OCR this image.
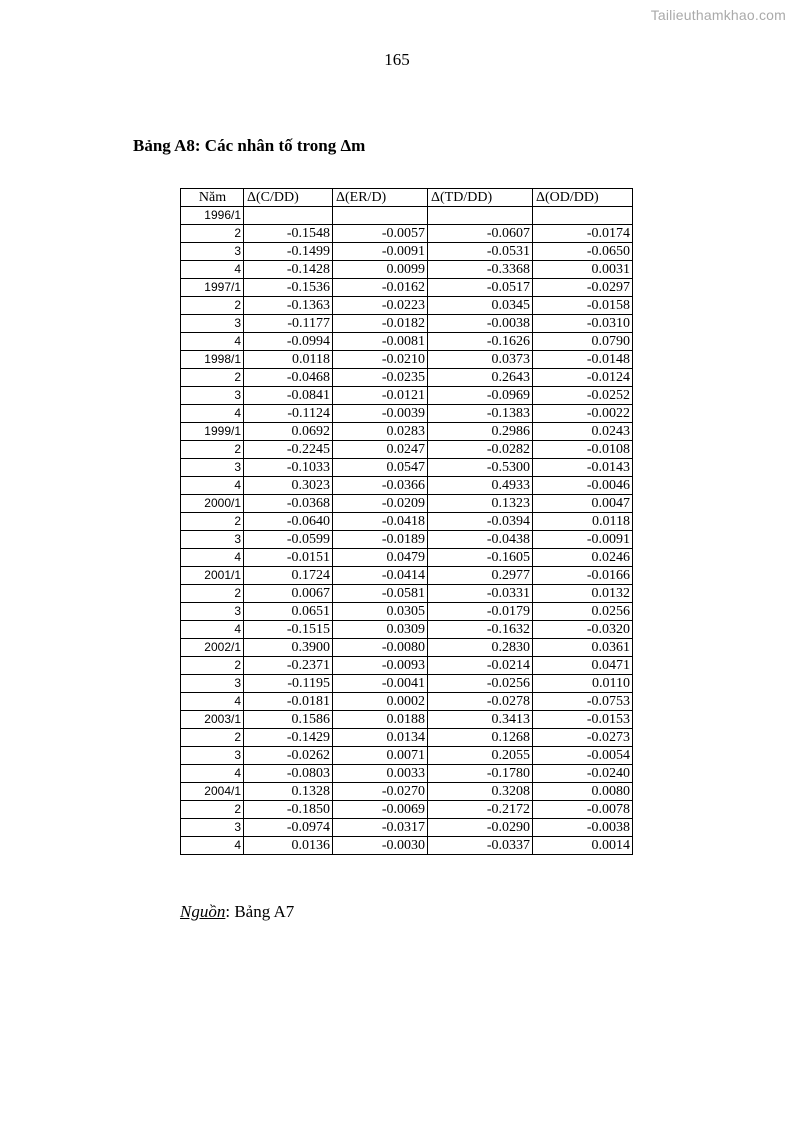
Tailieuthamkhao.com
165
Bảng A8: Các nhân tố trong Δm
Năm	Δ(C/DD)	Δ(ER/D)	Δ(TD/DD)	Δ(OD/DD)
1996/1				
2	-0.1548	-0.0057	-0.0607	-0.0174
3	-0.1499	-0.0091	-0.0531	-0.0650
4	-0.1428	0.0099	-0.3368	0.0031
1997/1	-0.1536	-0.0162	-0.0517	-0.0297
2	-0.1363	-0.0223	0.0345	-0.0158
3	-0.1177	-0.0182	-0.0038	-0.0310
4	-0.0994	-0.0081	-0.1626	0.0790
1998/1	0.0118	-0.0210	0.0373	-0.0148
2	-0.0468	-0.0235	0.2643	-0.0124
3	-0.0841	-0.0121	-0.0969	-0.0252
4	-0.1124	-0.0039	-0.1383	-0.0022
1999/1	0.0692	0.0283	0.2986	0.0243
2	-0.2245	0.0247	-0.0282	-0.0108
3	-0.1033	0.0547	-0.5300	-0.0143
4	0.3023	-0.0366	0.4933	-0.0046
2000/1	-0.0368	-0.0209	0.1323	0.0047
2	-0.0640	-0.0418	-0.0394	0.0118
3	-0.0599	-0.0189	-0.0438	-0.0091
4	-0.0151	0.0479	-0.1605	0.0246
2001/1	0.1724	-0.0414	0.2977	-0.0166
2	0.0067	-0.0581	-0.0331	0.0132
3	0.0651	0.0305	-0.0179	0.0256
4	-0.1515	0.0309	-0.1632	-0.0320
2002/1	0.3900	-0.0080	0.2830	0.0361
2	-0.2371	-0.0093	-0.0214	0.0471
3	-0.1195	-0.0041	-0.0256	0.0110
4	-0.0181	0.0002	-0.0278	-0.0753
2003/1	0.1586	0.0188	0.3413	-0.0153
2	-0.1429	0.0134	0.1268	-0.0273
3	-0.0262	0.0071	0.2055	-0.0054
4	-0.0803	0.0033	-0.1780	-0.0240
2004/1	0.1328	-0.0270	0.3208	0.0080
2	-0.1850	-0.0069	-0.2172	-0.0078
3	-0.0974	-0.0317	-0.0290	-0.0038
4	0.0136	-0.0030	-0.0337	0.0014
Nguồn: Bảng A7
